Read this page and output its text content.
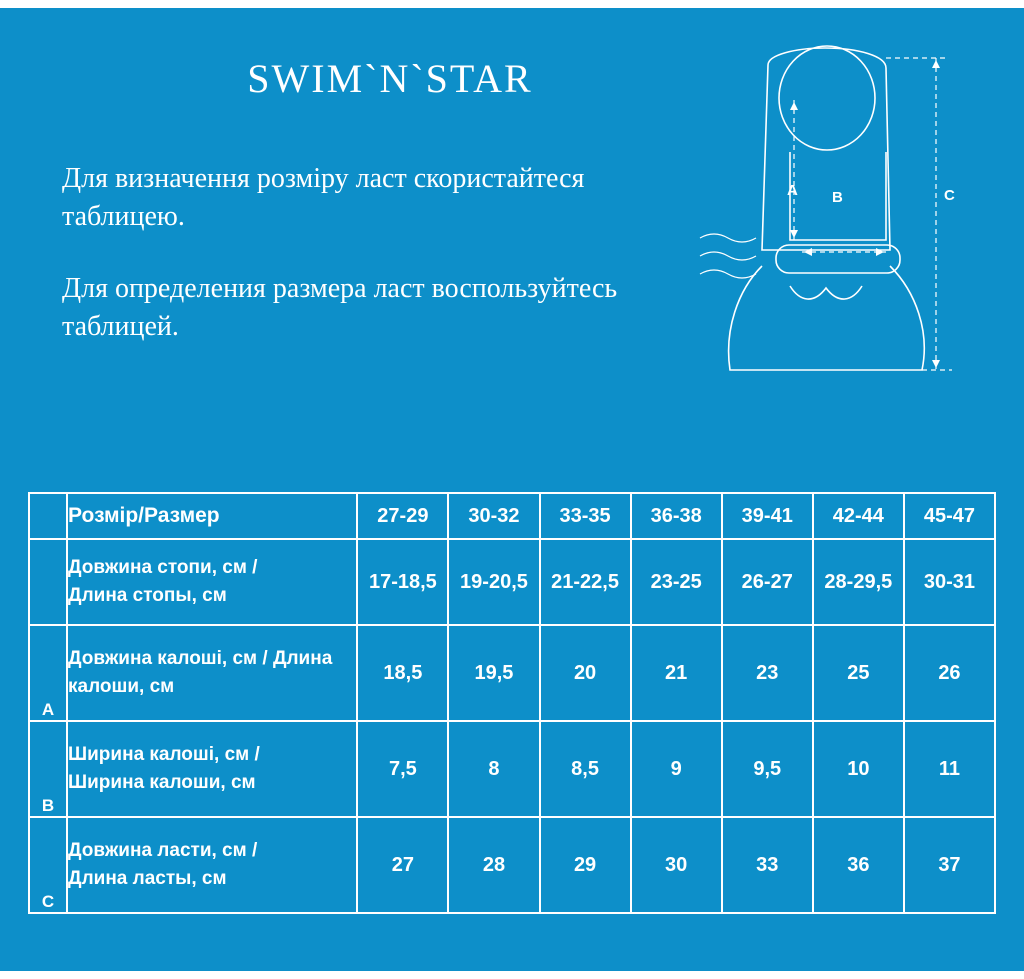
SWIM`N`STAR

Для визначення розміру ласт скористайтеся таблицею.

Для определения размера ласт воспользуйтесь таблицей.

A B	C
	Розмір/Размер	27-29	30-32	33-35	36-38	39-41	42-44	45-47

	Довжина стопи, см /
Длина стопы, см	17-18,5	19-20,5	21-22,5	23-25	26-27	28-29,5	30-31
A	Довжина калоші, см / Длина
калоши, см	18,5	19,5	20	21	23	25	26
B	Ширина калоші, см /
Ширина калоши, см	7,5	8	8,5	9	9,5	10	11
C	Довжина ласти, см /
Длина ласты, см	27	28	29	30	33	36	37
